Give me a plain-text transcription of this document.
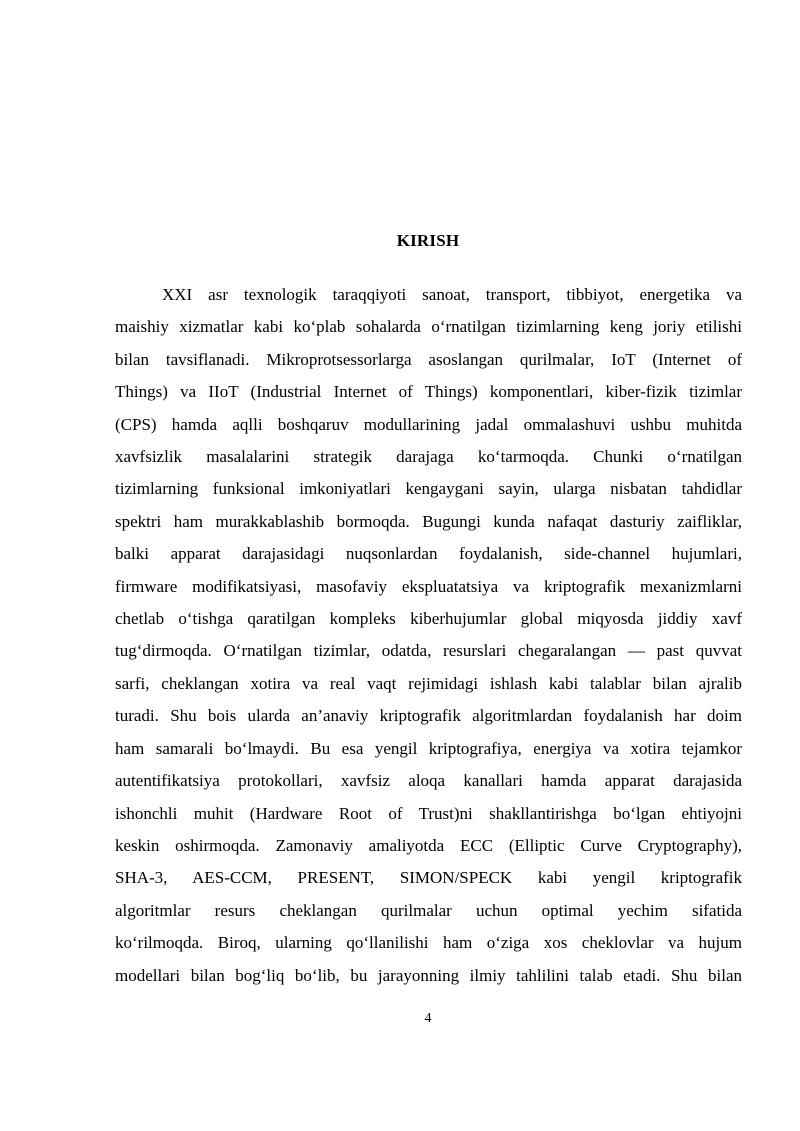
KIRISH
XXI asr texnologik taraqqiyoti sanoat, transport, tibbiyot, energetika va
maishiy xizmatlar kabi ko‘plab sohalarda o‘rnatilgan tizimlarning keng joriy etilishi
bilan tavsiflanadi. Mikroprotsessorlarga asoslangan qurilmalar, IoT (Internet of
Things) va IIoT (Industrial Internet of Things) komponentlari, kiber-fizik tizimlar
(CPS) hamda aqlli boshqaruv modullarining jadal ommalashuvi ushbu muhitda
xavfsizlik masalalarini strategik darajaga ko‘tarmoqda. Chunki o‘rnatilgan
tizimlarning funksional imkoniyatlari kengaygani sayin, ularga nisbatan tahdidlar
spektri ham murakkablashib bormoqda. Bugungi kunda nafaqat dasturiy zaifliklar,
balki apparat darajasidagi nuqsonlardan foydalanish, side-channel hujumlari,
firmware modifikatsiyasi, masofaviy ekspluatatsiya va kriptografik mexanizmlarni
chetlab o‘tishga qaratilgan kompleks kiberhujumlar global miqyosda jiddiy xavf
tug‘dirmoqda. O‘rnatilgan tizimlar, odatda, resurslari chegaralangan — past quvvat
sarfi, cheklangan xotira va real vaqt rejimidagi ishlash kabi talablar bilan ajralib
turadi. Shu bois ularda an’anaviy kriptografik algoritmlardan foydalanish har doim
ham samarali bo‘lmaydi. Bu esa yengil kriptografiya, energiya va xotira tejamkor
autentifikatsiya protokollari, xavfsiz aloqa kanallari hamda apparat darajasida
ishonchli muhit (Hardware Root of Trust)ni shakllantirishga bo‘lgan ehtiyojni
keskin oshirmoqda. Zamonaviy amaliyotda ECC (Elliptic Curve Cryptography),
SHA-3, AES-CCM, PRESENT, SIMON/SPECK kabi yengil kriptografik
algoritmlar resurs cheklangan qurilmalar uchun optimal yechim sifatida
ko‘rilmoqda. Biroq, ularning qo‘llanilishi ham o‘ziga xos cheklovlar va hujum
modellari bilan bog‘liq bo‘lib, bu jarayonning ilmiy tahlilini talab etadi. Shu bilan
4
